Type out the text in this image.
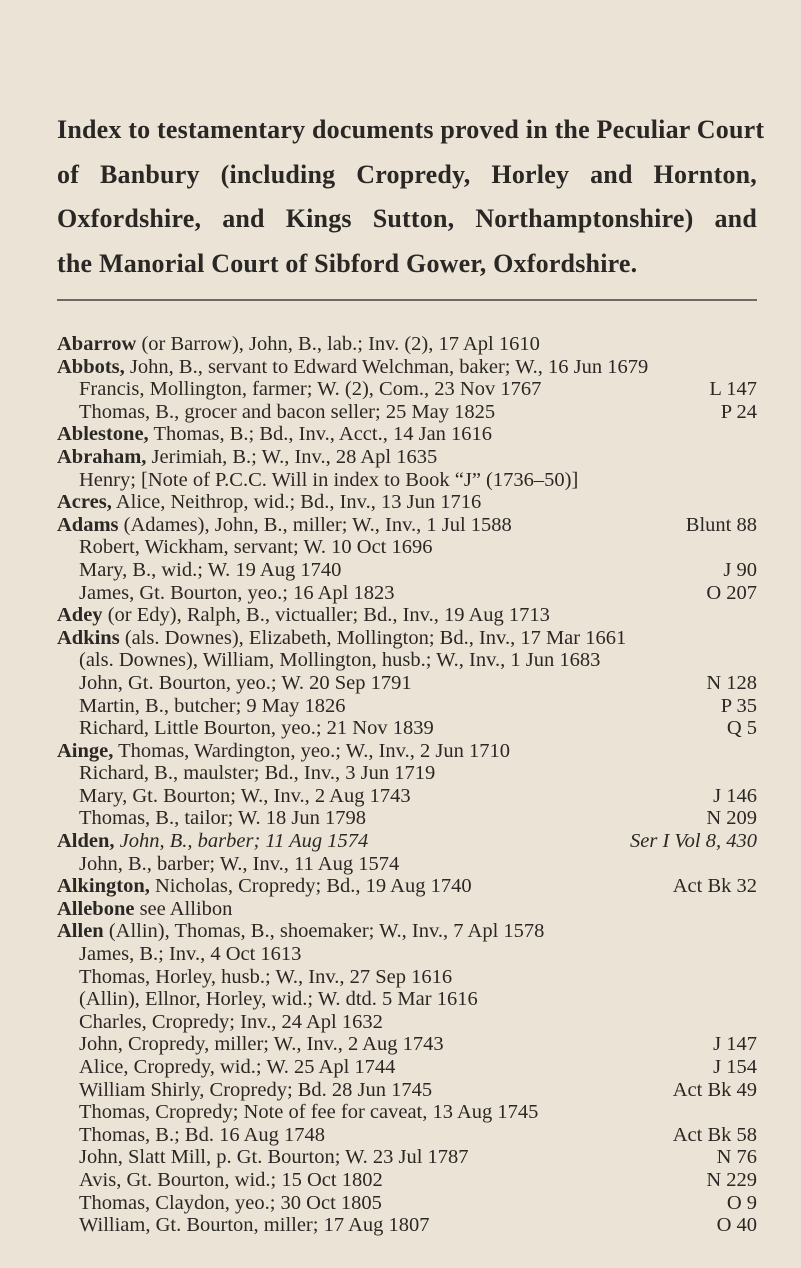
Index to testamentary documents proved in the Peculiar Court
of Banbury (including Cropredy, Horley and Hornton,
Oxfordshire, and Kings Sutton, Northamptonshire) and
the Manorial Court of Sibford Gower, Oxfordshire.
Abarrow (or Barrow), John, B., lab.; Inv. (2), 17 Apl 1610
Abbots, John, B., servant to Edward Welchman, baker; W., 16 Jun 1679
Francis, Mollington, farmer; W. (2), Com., 23 Nov 1767	L 147
Thomas, B., grocer and bacon seller; 25 May 1825	P 24
Ablestone, Thomas, B.; Bd., Inv., Acct., 14 Jan 1616
Abraham, Jerimiah, B.; W., Inv., 28 Apl 1635
Henry; [Note of P.C.C. Will in index to Book “J” (1736–50)]
Acres, Alice, Neithrop, wid.; Bd., Inv., 13 Jun 1716
Adams (Adames), John, B., miller; W., Inv., 1 Jul 1588	Blunt 88
Robert, Wickham, servant; W. 10 Oct 1696
Mary, B., wid.; W. 19 Aug 1740	J 90
James, Gt. Bourton, yeo.; 16 Apl 1823	O 207
Adey (or Edy), Ralph, B., victualler; Bd., Inv., 19 Aug 1713
Adkins (als. Downes), Elizabeth, Mollington; Bd., Inv., 17 Mar 1661
(als. Downes), William, Mollington, husb.; W., Inv., 1 Jun 1683
John, Gt. Bourton, yeo.; W. 20 Sep 1791	N 128
Martin, B., butcher; 9 May 1826	P 35
Richard, Little Bourton, yeo.; 21 Nov 1839	Q 5
Ainge, Thomas, Wardington, yeo.; W., Inv., 2 Jun 1710
Richard, B., maulster; Bd., Inv., 3 Jun 1719
Mary, Gt. Bourton; W., Inv., 2 Aug 1743	J 146
Thomas, B., tailor; W. 18 Jun 1798	N 209
Alden, John, B., barber; 11 Aug 1574	Ser I Vol 8, 430
John, B., barber; W., Inv., 11 Aug 1574
Alkington, Nicholas, Cropredy; Bd., 19 Aug 1740	Act Bk 32
Allebone see Allibon
Allen (Allin), Thomas, B., shoemaker; W., Inv., 7 Apl 1578
James, B.; Inv., 4 Oct 1613
Thomas, Horley, husb.; W., Inv., 27 Sep 1616
(Allin), Ellnor, Horley, wid.; W. dtd. 5 Mar 1616
Charles, Cropredy; Inv., 24 Apl 1632
John, Cropredy, miller; W., Inv., 2 Aug 1743	J 147
Alice, Cropredy, wid.; W. 25 Apl 1744	J 154
William Shirly, Cropredy; Bd. 28 Jun 1745	Act Bk 49
Thomas, Cropredy; Note of fee for caveat, 13 Aug 1745
Thomas, B.; Bd. 16 Aug 1748	Act Bk 58
John, Slatt Mill, p. Gt. Bourton; W. 23 Jul 1787	N 76
Avis, Gt. Bourton, wid.; 15 Oct 1802	N 229
Thomas, Claydon, yeo.; 30 Oct 1805	O 9
William, Gt. Bourton, miller; 17 Aug 1807	O 40
